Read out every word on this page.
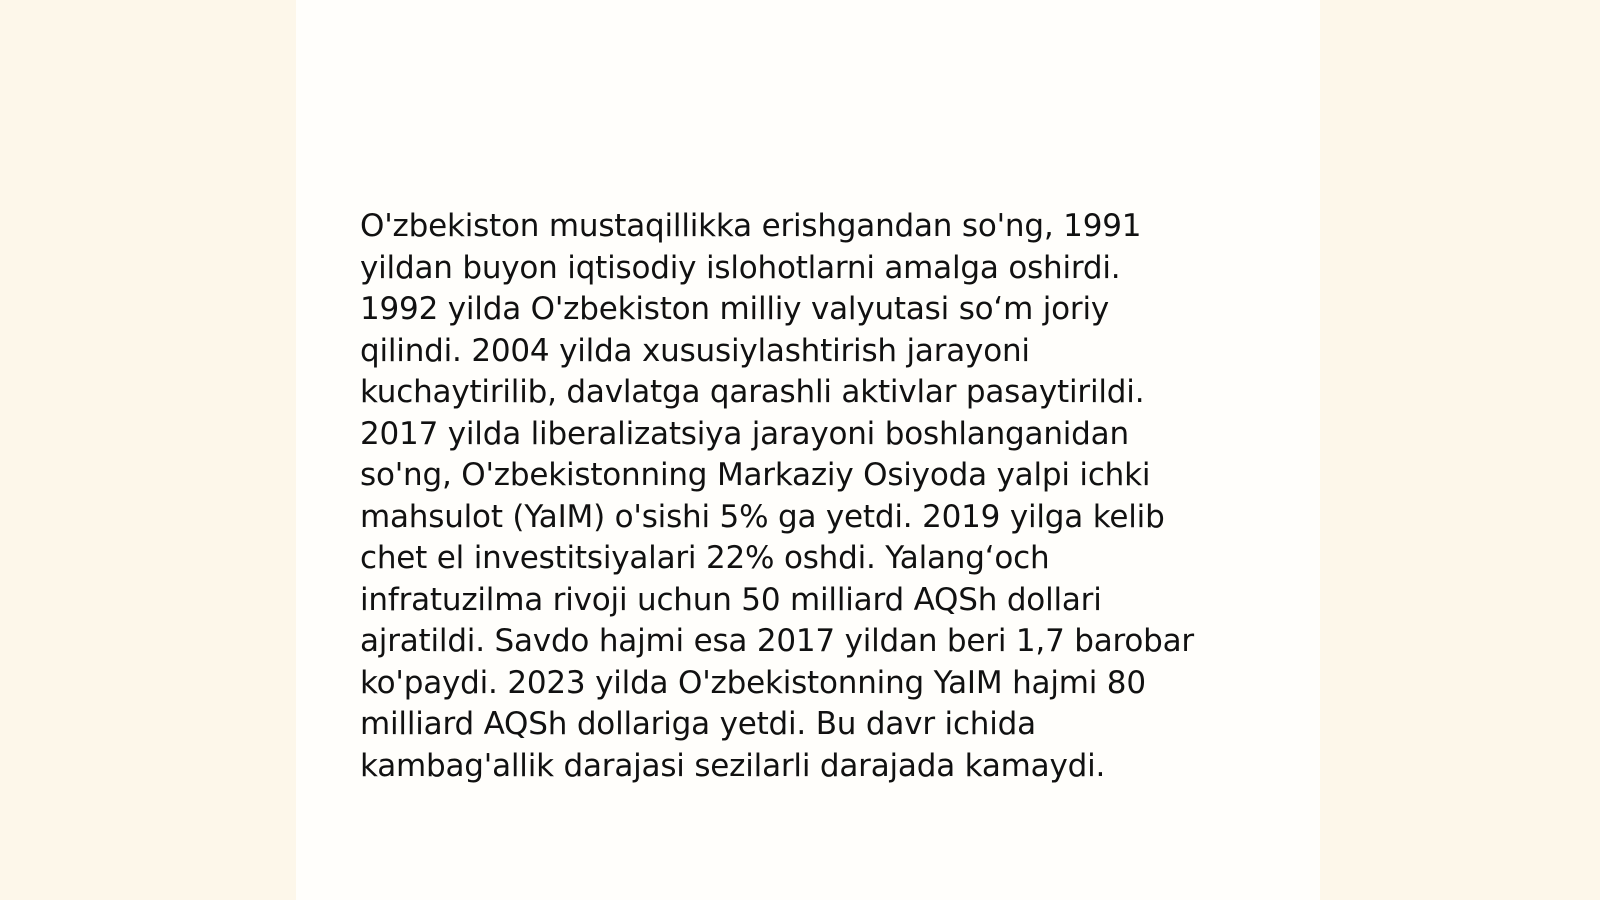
O'zbekiston mustaqillikka erishgandan so'ng, 1991
yildan buyon iqtisodiy islohotlarni amalga oshirdi.
1992 yilda O'zbekiston milliy valyutasi so‘m joriy
qilindi. 2004 yilda xususiylashtirish jarayoni
kuchaytirilib, davlatga qarashli aktivlar pasaytirildi.
2017 yilda liberalizatsiya jarayoni boshlanganidan
so'ng, O'zbekistonning Markaziy Osiyoda yalpi ichki
mahsulot (YaIM) o'sishi 5% ga yetdi. 2019 yilga kelib
chet el investitsiyalari 22% oshdi. Yalang‘och
infratuzilma rivoji uchun 50 milliard AQSh dollari
ajratildi. Savdo hajmi esa 2017 yildan beri 1,7 barobar
ko'paydi. 2023 yilda O'zbekistonning YaIM hajmi 80
milliard AQSh dollariga yetdi. Bu davr ichida
kambag'allik darajasi sezilarli darajada kamaydi.
